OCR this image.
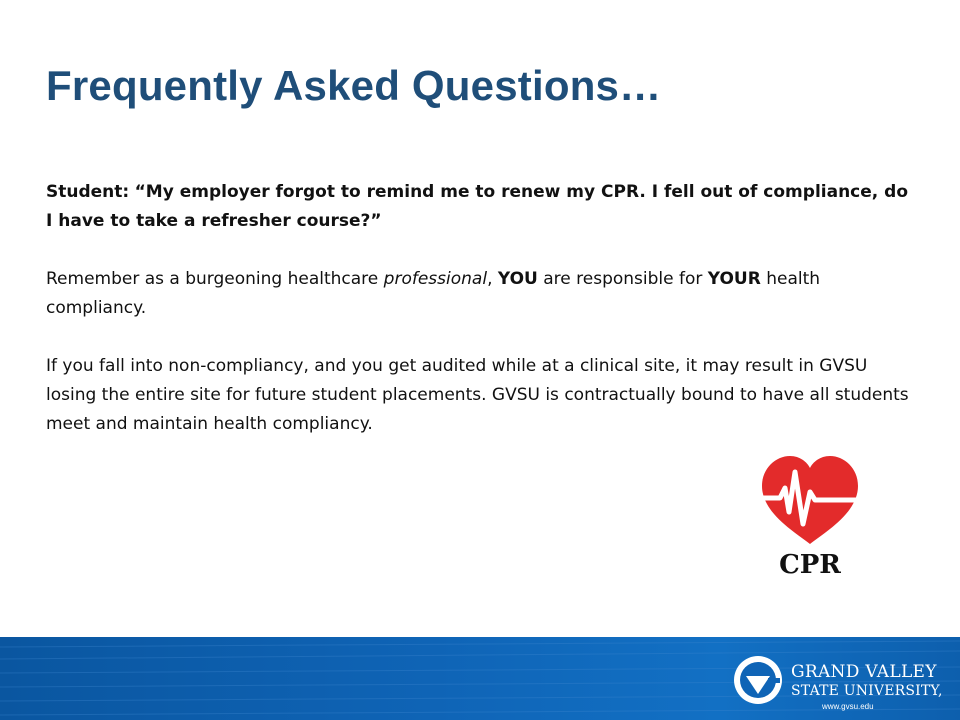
Frequently Asked Questions…

Student: “My employer forgot to remind me to renew my CPR. I fell out of compliance, do I have to take a refresher course?”

Remember as a burgeoning healthcare professional, YOU are responsible for YOUR health compliancy.

If you fall into non-compliancy, and you get audited while at a clinical site, it may result in GVSU losing the entire site for future student placements. GVSU is contractually bound to have all students meet and maintain health compliancy.

CPR
GRAND VALLEY
STATE UNIVERSITY,
www.gvsu.edu
